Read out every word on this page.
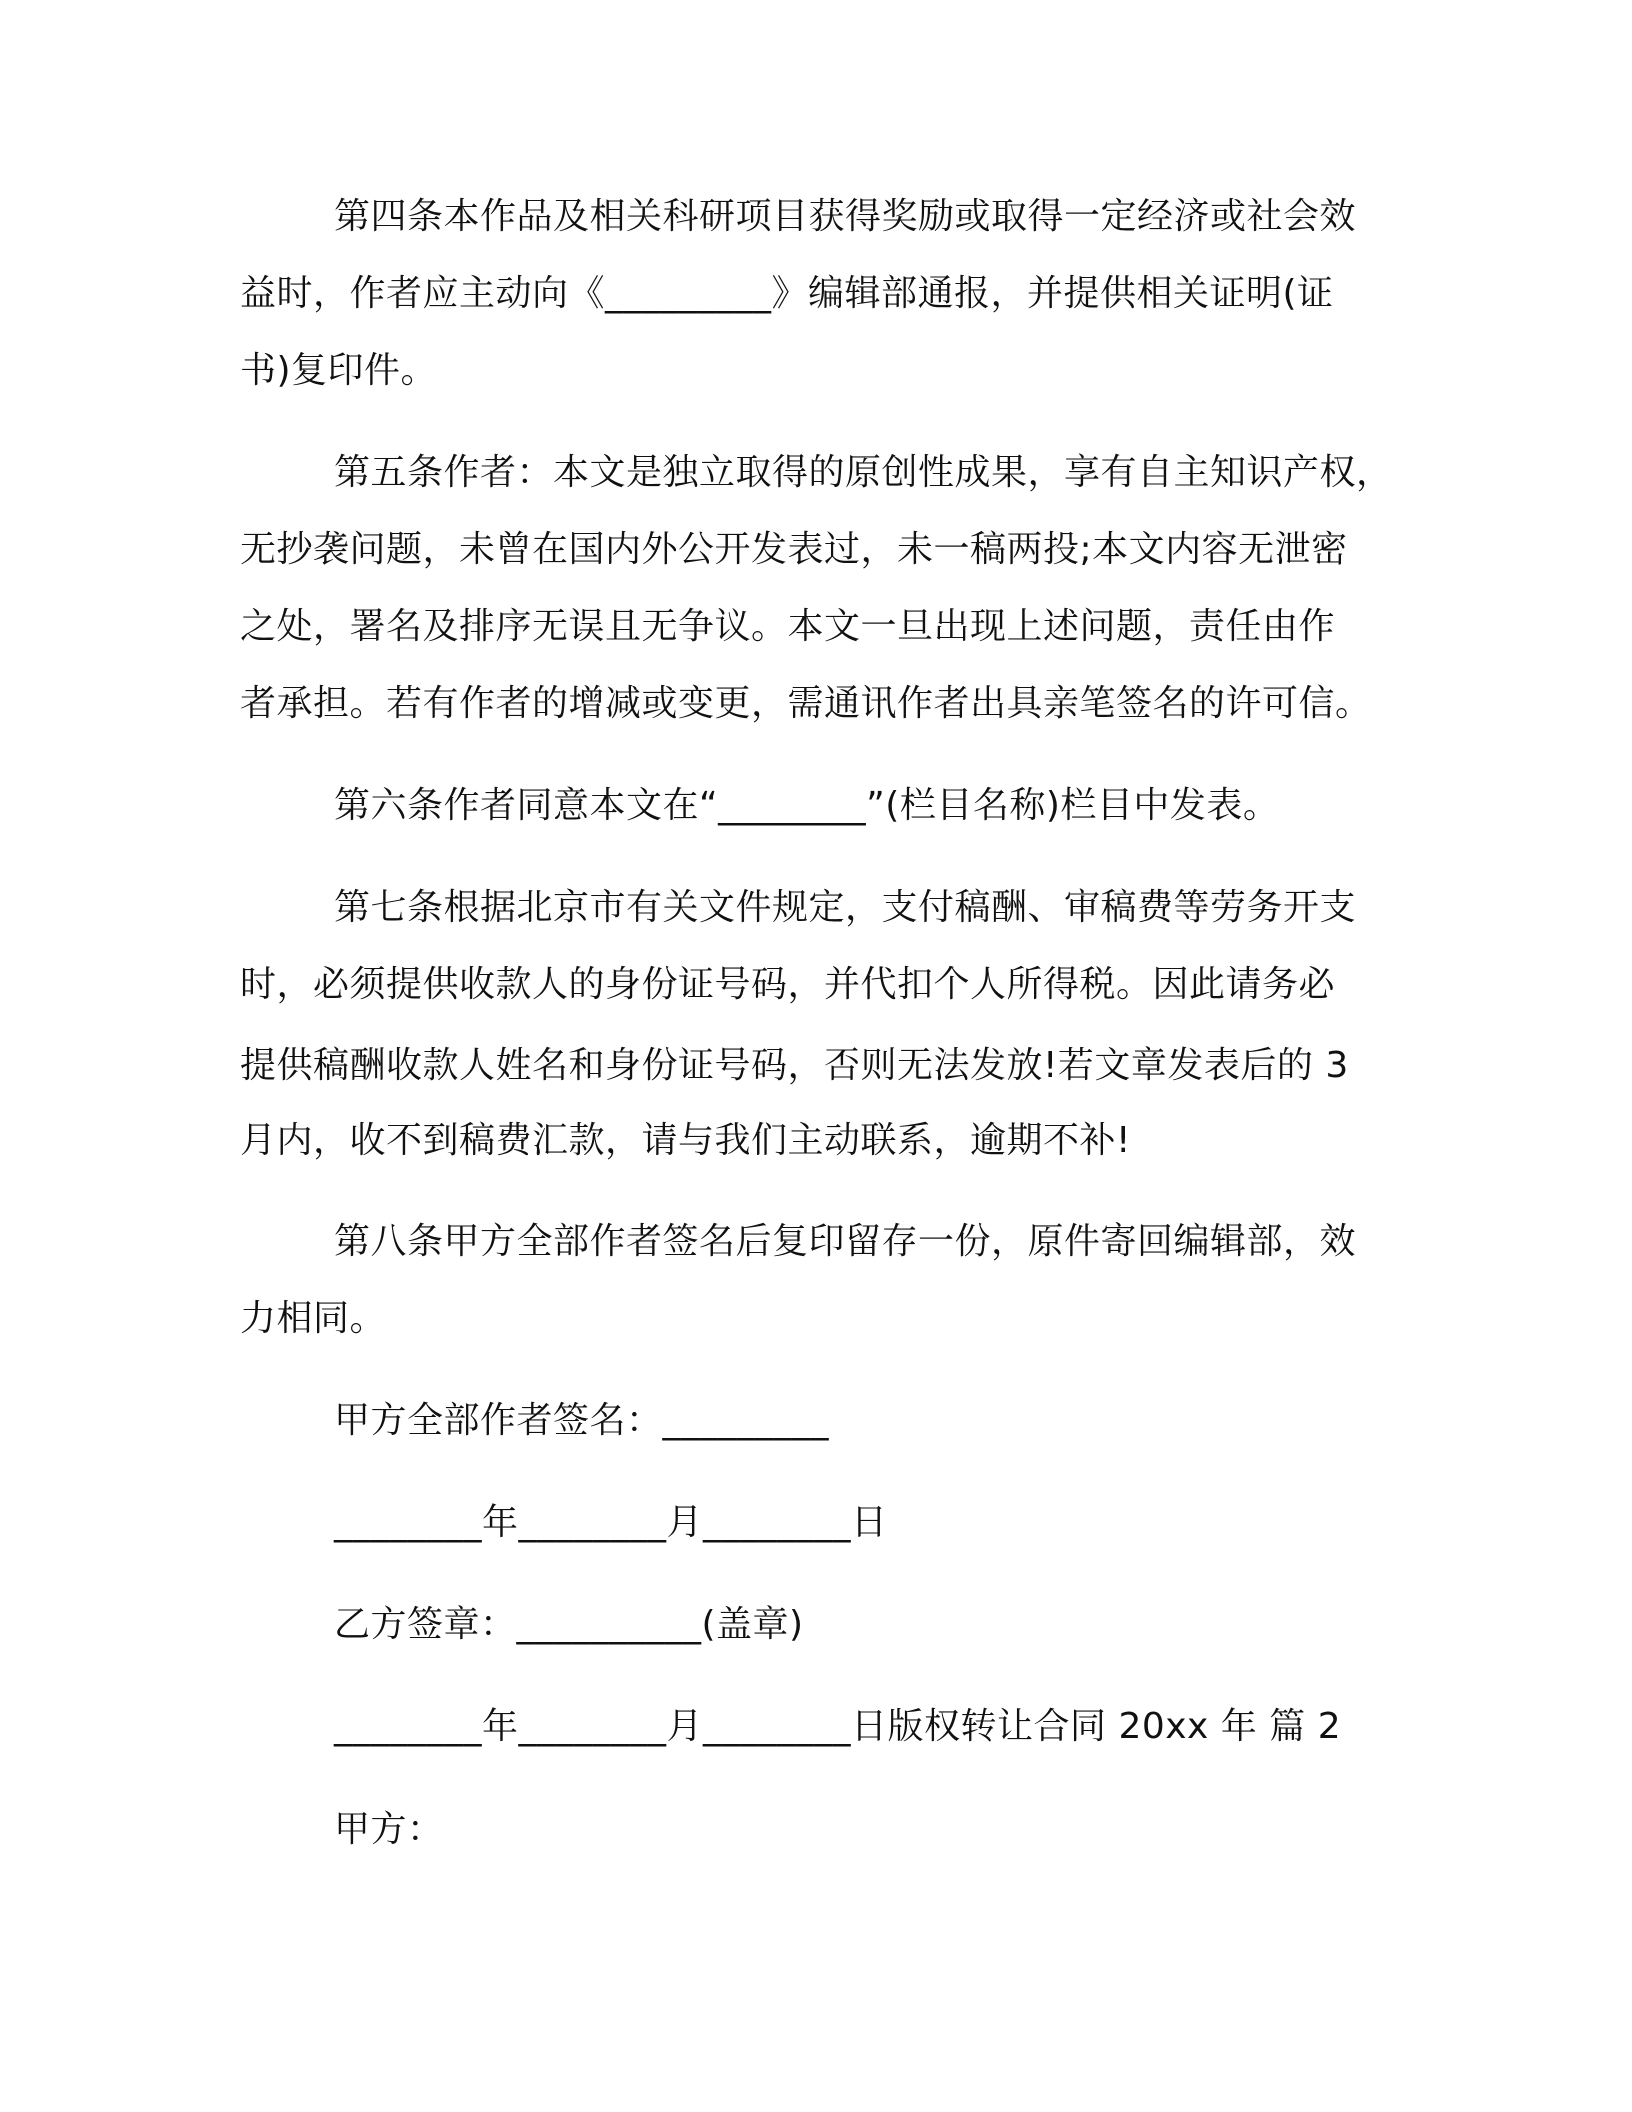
第四条本作品及相关科研项目获得奖励或取得一定经济或社会效
益时，作者应主动向《_________》编辑部通报，并提供相关证明(证
书)复印件。
第五条作者：本文是独立取得的原创性成果，享有自主知识产权，
无抄袭问题，未曾在国内外公开发表过，未一稿两投;本文内容无泄密
之处，署名及排序无误且无争议。本文一旦出现上述问题，责任由作
者承担。若有作者的增减或变更，需通讯作者出具亲笔签名的许可信。
第六条作者同意本文在“________”(栏目名称)栏目中发表。
第七条根据北京市有关文件规定，支付稿酬、审稿费等劳务开支
时，必须提供收款人的身份证号码，并代扣个人所得税。因此请务必
提供稿酬收款人姓名和身份证号码，否则无法发放!若文章发表后的 3
月内，收不到稿费汇款，请与我们主动联系，逾期不补!
第八条甲方全部作者签名后复印留存一份，原件寄回编辑部，效
力相同。
甲方全部作者签名：_________
________年________月________日
乙方签章：__________(盖章)
________年________月________日版权转让合同 20xx 年 篇 2
甲方：
